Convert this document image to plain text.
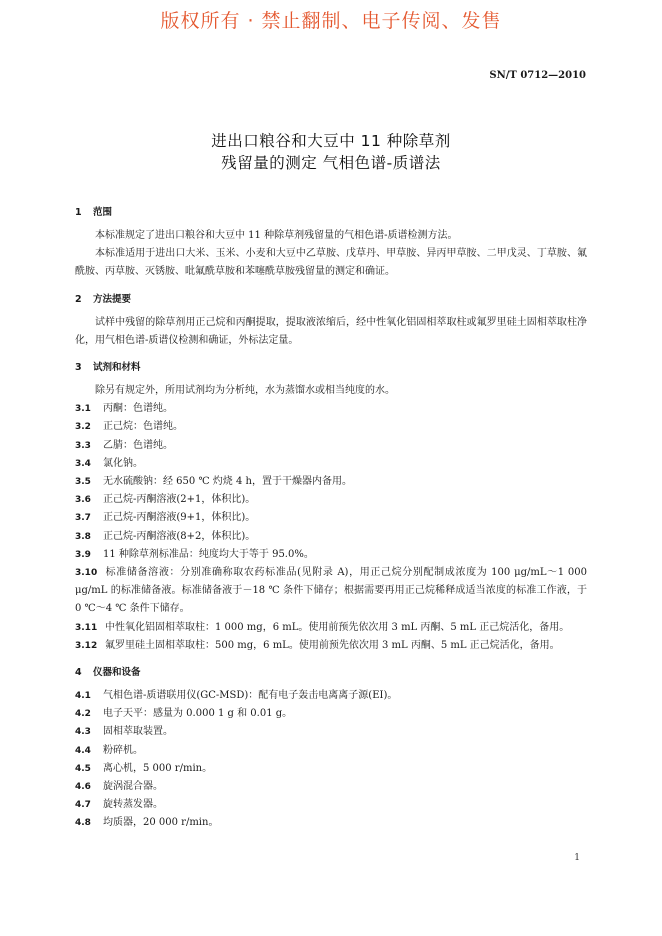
版权所有 · 禁止翻制、电子传阅、发售
SN/T 0712—2010
进出口粮谷和大豆中 11 种除草剂
残留量的测定 气相色谱-质谱法
1 范围
本标准规定了进出口粮谷和大豆中 11 种除草剂残留量的气相色谱-质谱检测方法。
本标准适用于进出口大米、玉米、小麦和大豆中乙草胺、戊草丹、甲草胺、异丙甲草胺、二甲戊灵、丁草胺、氟酰胺、丙草胺、灭锈胺、吡氟酰草胺和苯噻酰草胺残留量的测定和确证。
2 方法提要
试样中残留的除草剂用正己烷和丙酮提取，提取液浓缩后，经中性氧化铝固相萃取柱或氟罗里硅土固相萃取柱净化，用气相色谱-质谱仪检测和确证，外标法定量。
3 试剂和材料
除另有规定外，所用试剂均为分析纯，水为蒸馏水或相当纯度的水。
3.1 丙酮：色谱纯。
3.2 正己烷：色谱纯。
3.3 乙腈：色谱纯。
3.4 氯化钠。
3.5 无水硫酸钠：经 650 ℃ 灼烧 4 h，置于干燥器内备用。
3.6 正己烷-丙酮溶液(2+1，体积比)。
3.7 正己烷-丙酮溶液(9+1，体积比)。
3.8 正己烷-丙酮溶液(8+2，体积比)。
3.9 11 种除草剂标准品：纯度均大于等于 95.0%。
3.10 标准储备溶液：分别准确称取农药标准品(见附录 A)，用正己烷分别配制成浓度为 100 μg/mL～1 000 μg/mL 的标准储备液。标准储备液于－18 ℃ 条件下储存；根据需要再用正己烷稀释成适当浓度的标准工作液，于 0 ℃～4 ℃ 条件下储存。
3.11 中性氧化铝固相萃取柱：1 000 mg，6 mL。使用前预先依次用 3 mL 丙酮、5 mL 正己烷活化，备用。
3.12 氟罗里硅土固相萃取柱：500 mg，6 mL。使用前预先依次用 3 mL 丙酮、5 mL 正己烷活化，备用。
4 仪器和设备
4.1 气相色谱-质谱联用仪(GC-MSD)：配有电子轰击电离离子源(EI)。
4.2 电子天平：感量为 0.000 1 g 和 0.01 g。
4.3 固相萃取装置。
4.4 粉碎机。
4.5 离心机，5 000 r/min。
4.6 旋涡混合器。
4.7 旋转蒸发器。
4.8 均质器，20 000 r/min。
1
